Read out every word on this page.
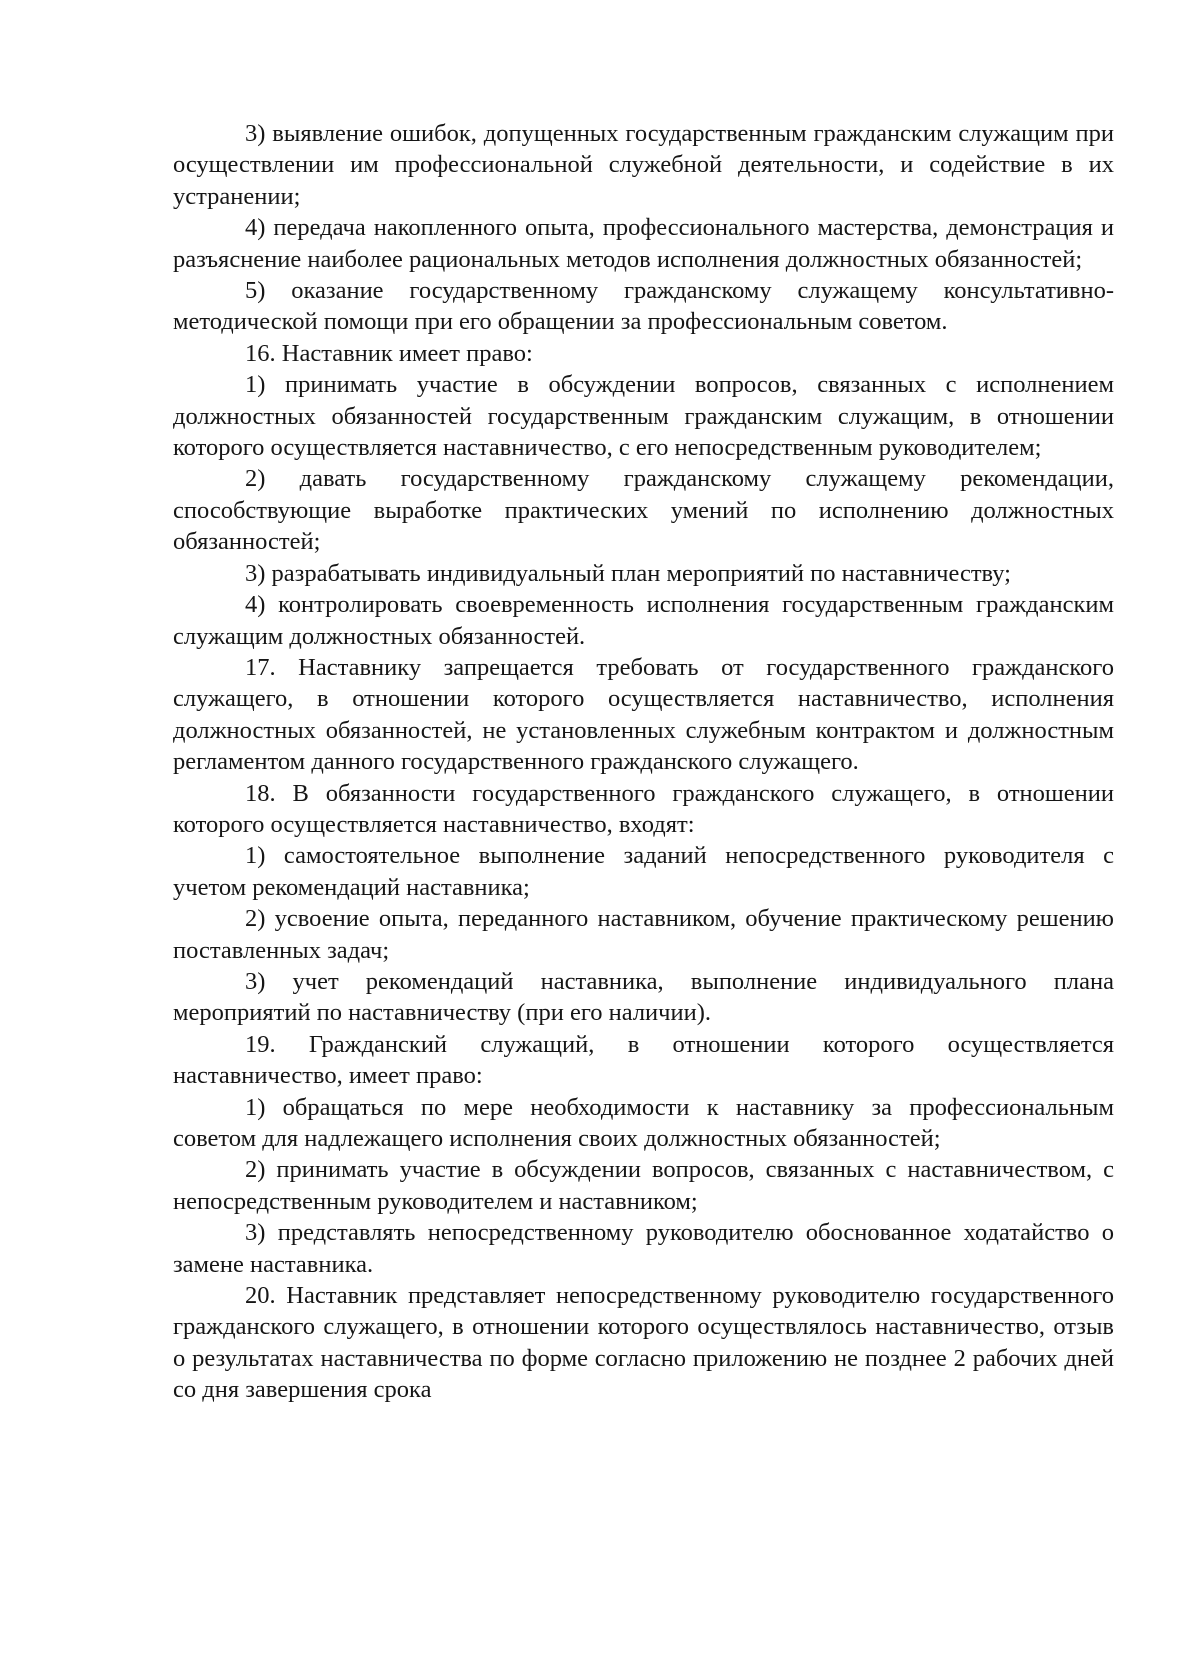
3) выявление ошибок, допущенных государственным гражданским служащим при осуществлении им профессиональной служебной деятельности, и содействие в их устранении;

4) передача накопленного опыта, профессионального мастерства, демонстрация и разъяснение наиболее рациональных методов исполнения должностных обязанностей;

5) оказание государственному гражданскому служащему консультативно-методической помощи при его обращении за профессиональным советом.

16. Наставник имеет право:

1) принимать участие в обсуждении вопросов, связанных с исполнением должностных обязанностей государственным гражданским служащим, в отношении которого осуществляется наставничество, с его непосредственным руководителем;

2) давать государственному гражданскому служащему рекомендации, способствующие выработке практических умений по исполнению должностных обязанностей;

3) разрабатывать индивидуальный план мероприятий по наставничеству;

4) контролировать своевременность исполнения государственным гражданским служащим должностных обязанностей.

17. Наставнику запрещается требовать от государственного гражданского служащего, в отношении которого осуществляется наставничество, исполнения должностных обязанностей, не установленных служебным контрактом и должностным регламентом данного государственного гражданского служащего.

18. В обязанности государственного гражданского служащего, в отношении которого осуществляется наставничество, входят:

1) самостоятельное выполнение заданий непосредственного руководителя с учетом рекомендаций наставника;

2) усвоение опыта, переданного наставником, обучение практическому решению поставленных задач;

3) учет рекомендаций наставника, выполнение индивидуального плана мероприятий по наставничеству (при его наличии).

19. Гражданский служащий, в отношении которого осуществляется наставничество, имеет право:

1) обращаться по мере необходимости к наставнику за профессиональным советом для надлежащего исполнения своих должностных обязанностей;

2) принимать участие в обсуждении вопросов, связанных с наставничеством, с непосредственным руководителем и наставником;

3) представлять непосредственному руководителю обоснованное ходатайство о замене наставника.

20. Наставник представляет непосредственному руководителю государственного гражданского служащего, в отношении которого осуществлялось наставничество, отзыв о результатах наставничества по форме согласно приложению не позднее 2 рабочих дней со дня завершения срока
